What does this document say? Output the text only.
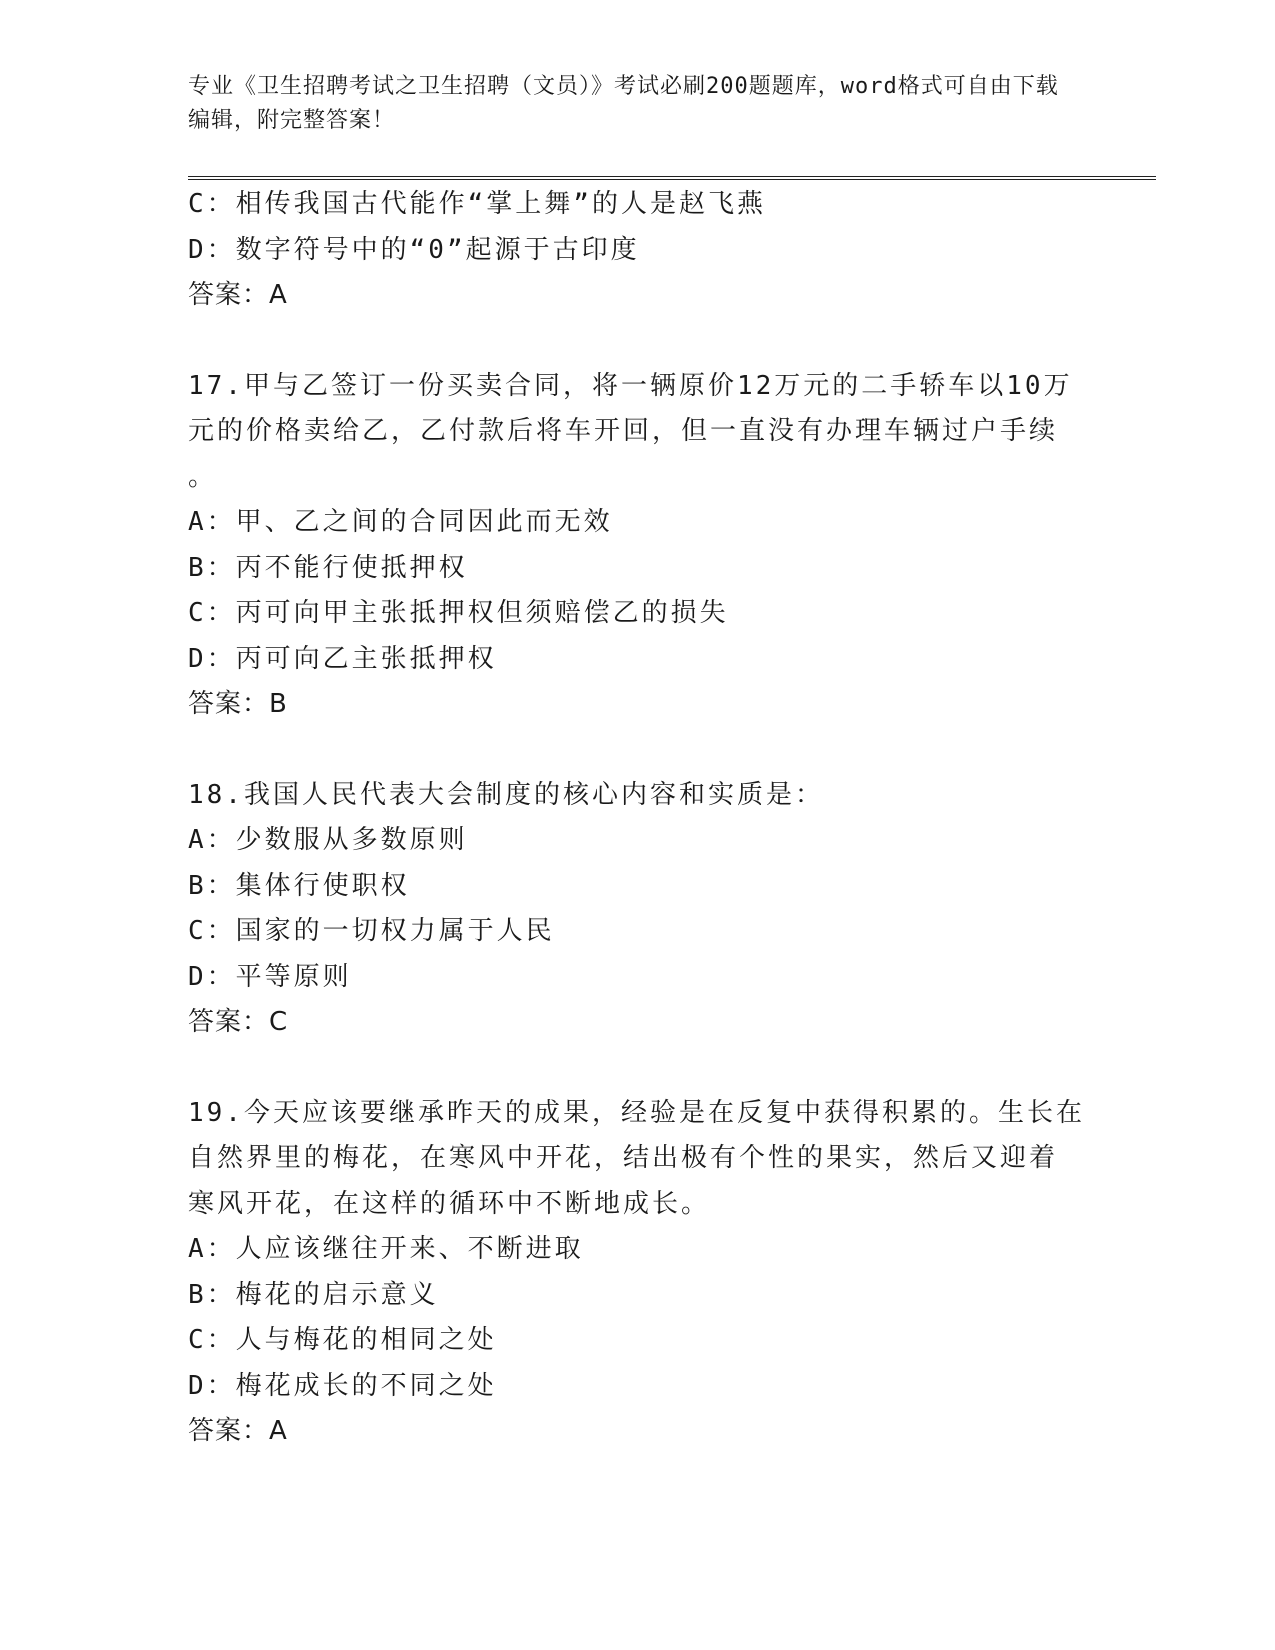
专业《卫生招聘考试之卫生招聘（文员）》考试必刷200题题库，word格式可自由下载编辑，附完整答案！

C：相传我国古代能作“掌上舞”的人是赵飞燕

D：数字符号中的“0”起源于古印度

答案：A

17.甲与乙签订一份买卖合同，将一辆原价12万元的二手轿车以10万

元的价格卖给乙，乙付款后将车开回，但一直没有办理车辆过户手续

。

A：甲、乙之间的合同因此而无效

B：丙不能行使抵押权

C：丙可向甲主张抵押权但须赔偿乙的损失

D：丙可向乙主张抵押权

答案：B

18.我国人民代表大会制度的核心内容和实质是：

A：少数服从多数原则

B：集体行使职权

C：国家的一切权力属于人民

D：平等原则

答案：C

19.今天应该要继承昨天的成果，经验是在反复中获得积累的。生长在

自然界里的梅花，在寒风中开花，结出极有个性的果实，然后又迎着

寒风开花，在这样的循环中不断地成长。

A：人应该继往开来、不断进取

B：梅花的启示意义

C：人与梅花的相同之处

D：梅花成长的不同之处

答案：A
